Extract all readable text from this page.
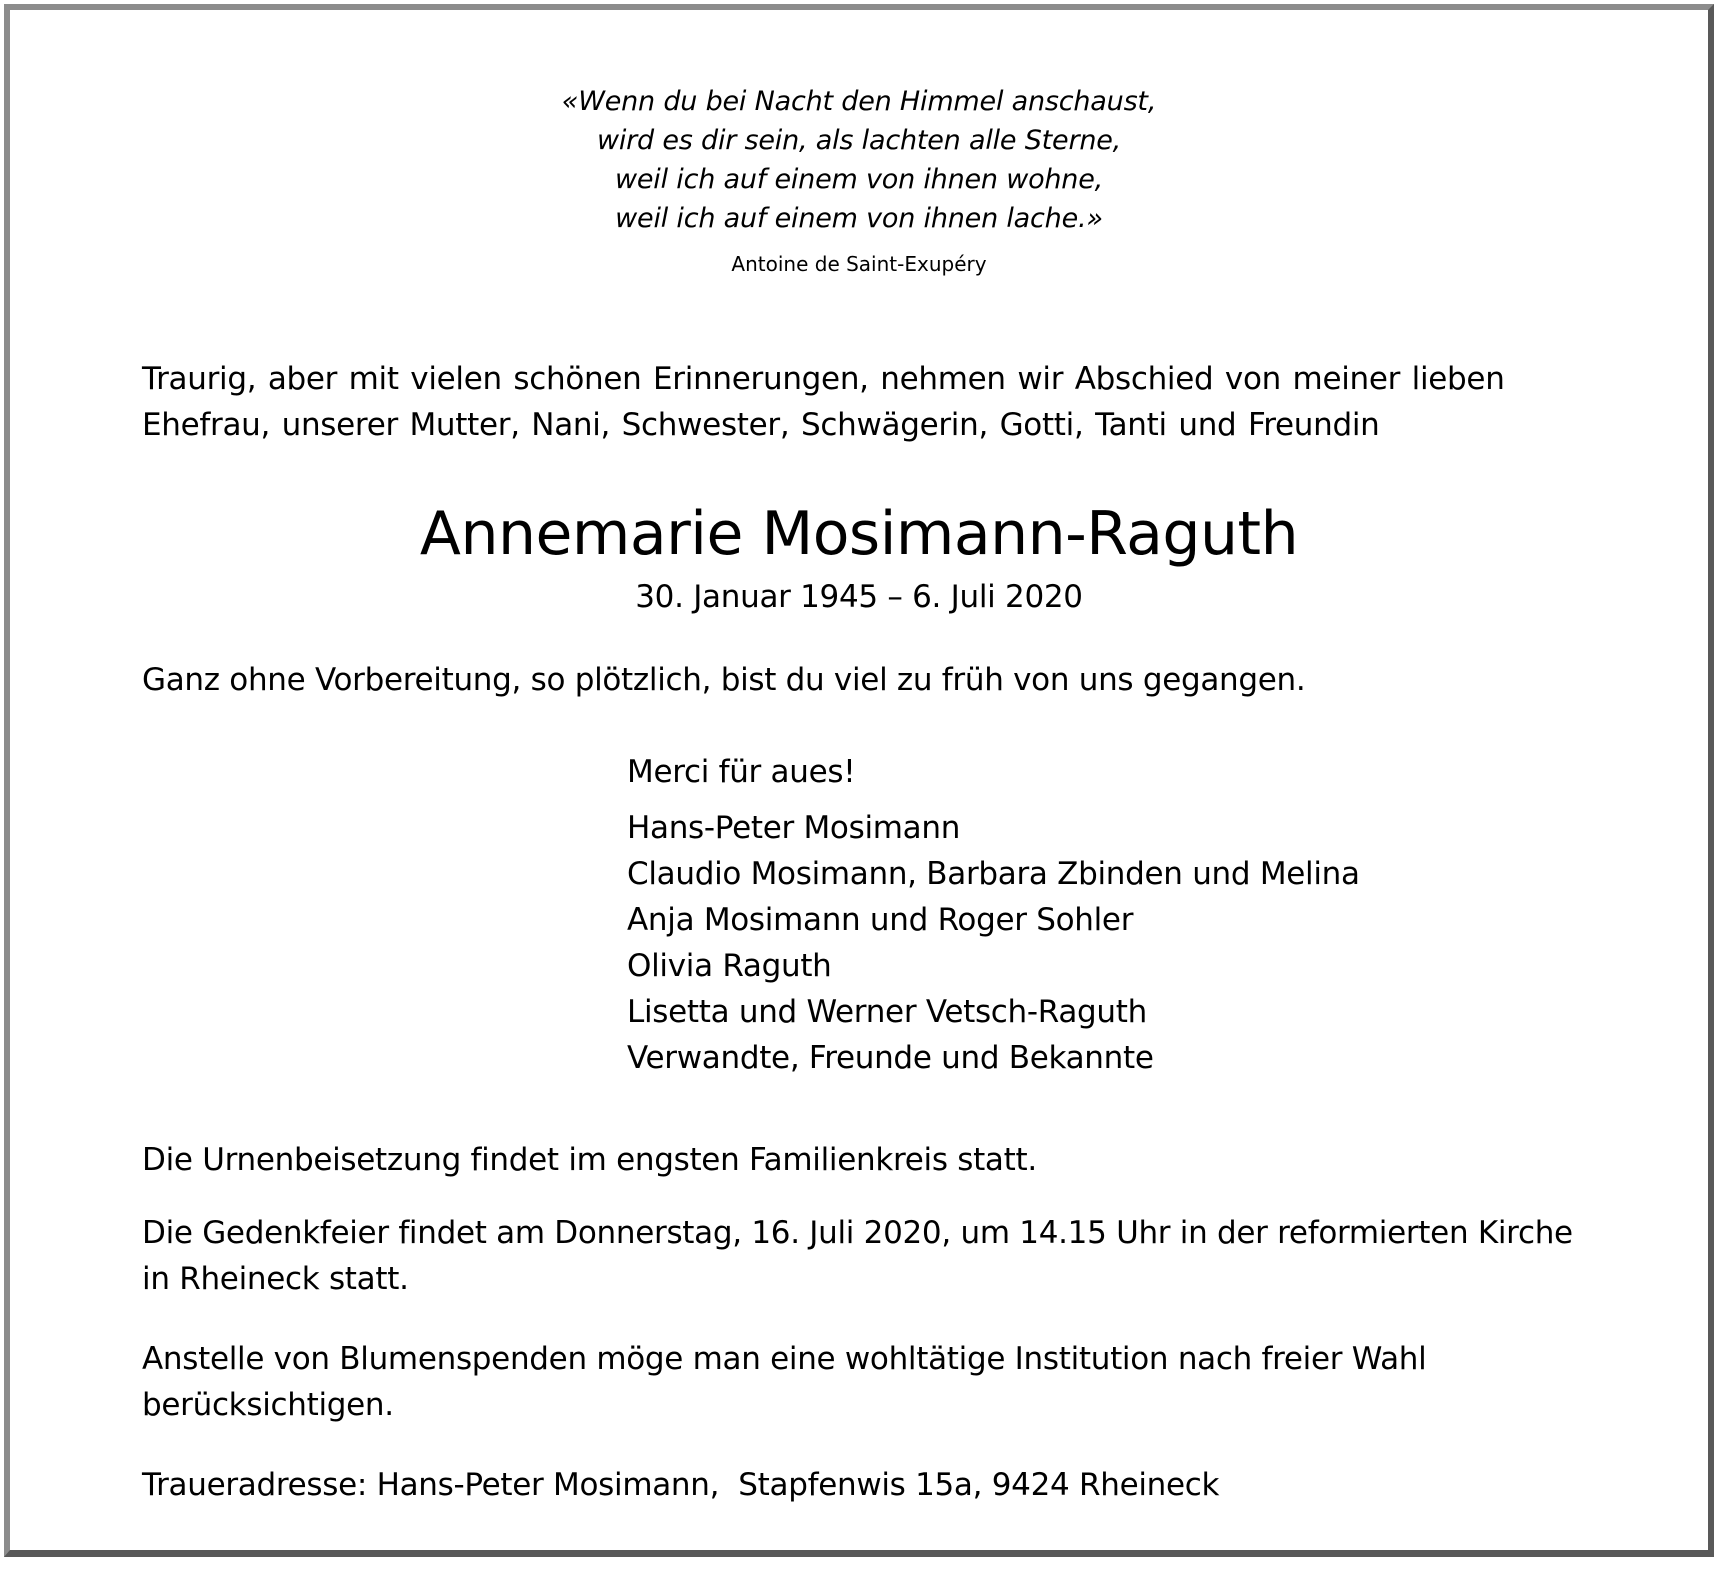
«Wenn du bei Nacht den Himmel anschaust,
wird es dir sein, als lachten alle Sterne,
weil ich auf einem von ihnen wohne,
weil ich auf einem von ihnen lache.»
Antoine de Saint-Exupéry
Traurig, aber mit vielen schönen Erinnerungen, nehmen wir Abschied von meiner lieben Ehefrau, unserer Mutter, Nani, Schwester, Schwägerin, Gotti, Tanti und Freundin
Annemarie Mosimann-Raguth
30. Januar 1945 – 6. Juli 2020
Ganz ohne Vorbereitung, so plötzlich, bist du viel zu früh von uns gegangen.
Merci für aues!
Hans-Peter Mosimann
Claudio Mosimann, Barbara Zbinden und Melina
Anja Mosimann und Roger Sohler
Olivia Raguth
Lisetta und Werner Vetsch-Raguth
Verwandte, Freunde und Bekannte
Die Urnenbeisetzung findet im engsten Familienkreis statt.
Die Gedenkfeier findet am Donnerstag, 16. Juli 2020, um 14.15 Uhr in der reformierten Kirche in Rheineck statt.
Anstelle von Blumenspenden möge man eine wohltätige Institution nach freier Wahl berücksichtigen.
Traueradresse: Hans-Peter Mosimann,  Stapfenwis 15a, 9424 Rheineck
